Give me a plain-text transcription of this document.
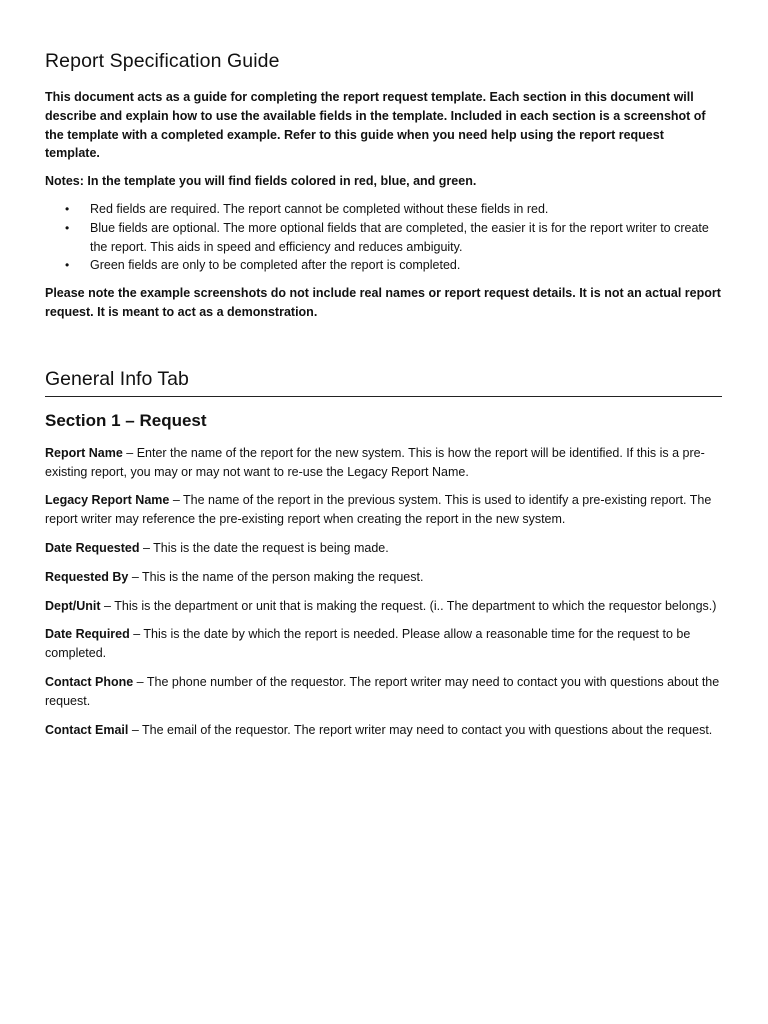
Report Specification Guide

This document acts as a guide for completing the report request template. Each section in this document will describe and explain how to use the available fields in the template. Included in each section is a screenshot of the template with a completed example. Refer to this guide when you need help using the report request template.

Notes: In the template you will find fields colored in red, blue, and green.

• Red fields are required. The report cannot be completed without these fields in red.
• Blue fields are optional. The more optional fields that are completed, the easier it is for the report writer to create the report. This aids in speed and efficiency and reduces ambiguity.
• Green fields are only to be completed after the report is completed.

Please note the example screenshots do not include real names or report request details. It is not an actual report request. It is meant to act as a demonstration.

General Info Tab
Section 1 – Request

Report Name – Enter the name of the report for the new system. This is how the report will be identified. If this is a pre-existing report, you may or may not want to re-use the Legacy Report Name.

Legacy Report Name – The name of the report in the previous system. This is used to identify a pre-existing report. The report writer may reference the pre-existing report when creating the report in the new system.

Date Requested – This is the date the request is being made.

Requested By – This is the name of the person making the request.

Dept/Unit – This is the department or unit that is making the request. (i.. The department to which the requestor belongs.)

Date Required – This is the date by which the report is needed. Please allow a reasonable time for the request to be completed.

Contact Phone – The phone number of the requestor. The report writer may need to contact you with questions about the request.

Contact Email – The email of the requestor. The report writer may need to contact you with questions about the request.
